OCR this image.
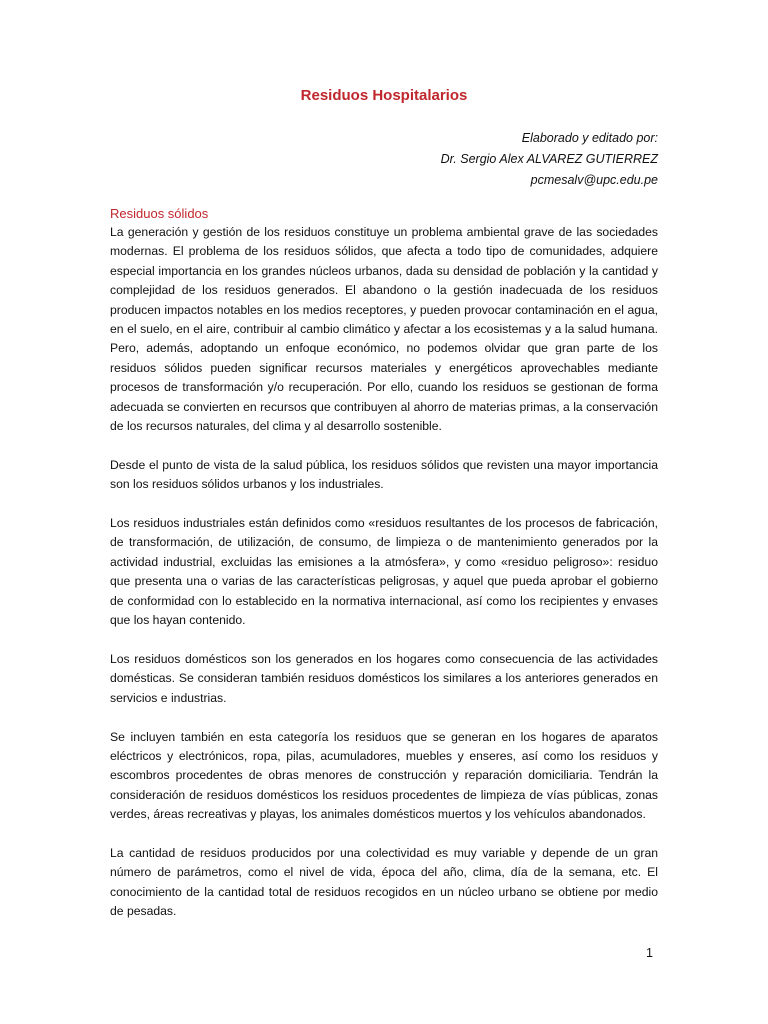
Residuos Hospitalarios
Elaborado y editado por:
Dr. Sergio Alex ALVAREZ GUTIERREZ
pcmesalv@upc.edu.pe
Residuos sólidos

La generación y gestión de los residuos constituye un problema ambiental grave de las sociedades modernas. El problema de los residuos sólidos, que afecta a todo tipo de comunidades, adquiere especial importancia en los grandes núcleos urbanos, dada su densidad de población y la cantidad y complejidad de los residuos generados. El abandono o la gestión inadecuada de los residuos producen impactos notables en los medios receptores, y pueden provocar contaminación en el agua, en el suelo, en el aire, contribuir al cambio climático y afectar a los ecosistemas y a la salud humana. Pero, además, adoptando un enfoque económico, no podemos olvidar que gran parte de los residuos sólidos pueden significar recursos materiales y energéticos aprovechables mediante procesos de transformación y/o recuperación. Por ello, cuando los residuos se gestionan de forma adecuada se convierten en recursos que contribuyen al ahorro de materias primas, a la conservación de los recursos naturales, del clima y al desarrollo sostenible.

Desde el punto de vista de la salud pública, los residuos sólidos que revisten una mayor importancia son los residuos sólidos urbanos y los industriales.

Los residuos industriales están definidos como «residuos resultantes de los procesos de fabricación, de transformación, de utilización, de consumo, de limpieza o de mantenimiento generados por la actividad industrial, excluidas las emisiones a la atmósfera», y como «residuo peligroso»: residuo que presenta una o varias de las características peligrosas, y aquel que pueda aprobar el gobierno de conformidad con lo establecido en la normativa internacional, así como los recipientes y envases que los hayan contenido.

Los residuos domésticos son los generados en los hogares como consecuencia de las actividades domésticas. Se consideran también residuos domésticos los similares a los anteriores generados en servicios e industrias.

Se incluyen también en esta categoría los residuos que se generan en los hogares de aparatos eléctricos y electrónicos, ropa, pilas, acumuladores, muebles y enseres, así como los residuos y escombros procedentes de obras menores de construcción y reparación domiciliaria. Tendrán la consideración de residuos domésticos los residuos procedentes de limpieza de vías públicas, zonas verdes, áreas recreativas y playas, los animales domésticos muertos y los vehículos abandonados.

La cantidad de residuos producidos por una colectividad es muy variable y depende de un gran número de parámetros, como el nivel de vida, época del año, clima, día de la semana, etc. El conocimiento de la cantidad total de residuos recogidos en un núcleo urbano se obtiene por medio de pesadas.

1
